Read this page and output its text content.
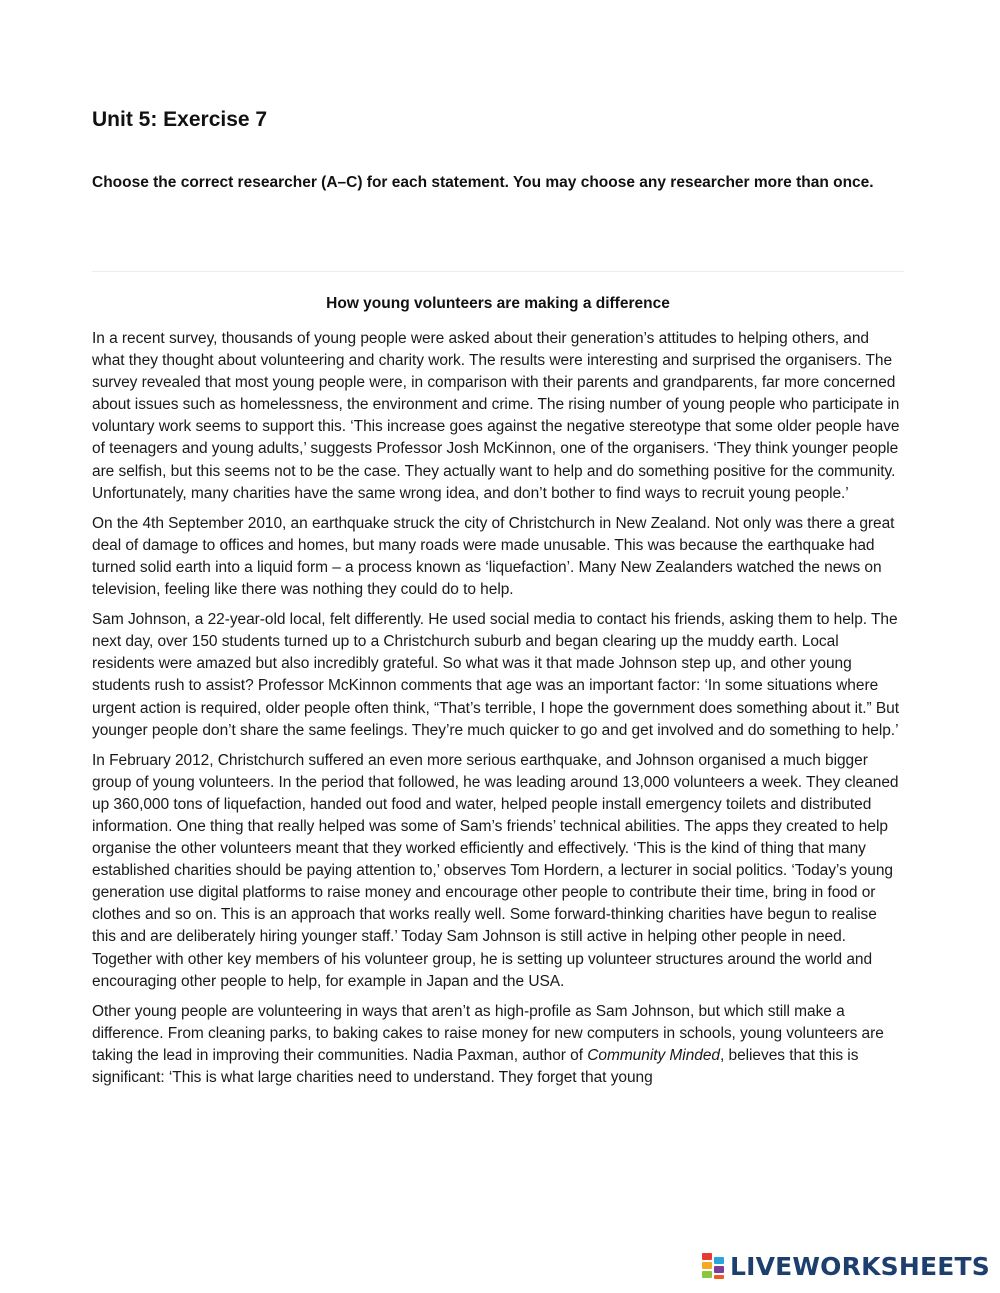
Unit 5: Exercise 7

Choose the correct researcher (A–C) for each statement. You may choose any researcher more than once.

How young volunteers are making a difference

In a recent survey, thousands of young people were asked about their generation’s attitudes to helping others, and what they thought about volunteering and charity work. The results were interesting and surprised the organisers. The survey revealed that most young people were, in comparison with their parents and grandparents, far more concerned about issues such as homelessness, the environment and crime. The rising number of young people who participate in voluntary work seems to support this. ‘This increase goes against the negative stereotype that some older people have of teenagers and young adults,’ suggests Professor Josh McKinnon, one of the organisers. ‘They think younger people are selfish, but this seems not to be the case. They actually want to help and do something positive for the community. Unfortunately, many charities have the same wrong idea, and don’t bother to find ways to recruit young people.’

On the 4th September 2010, an earthquake struck the city of Christchurch in New Zealand. Not only was there a great deal of damage to offices and homes, but many roads were made unusable. This was because the earthquake had turned solid earth into a liquid form – a process known as ‘liquefaction’. Many New Zealanders watched the news on television, feeling like there was nothing they could do to help.

Sam Johnson, a 22-year-old local, felt differently. He used social media to contact his friends, asking them to help. The next day, over 150 students turned up to a Christchurch suburb and began clearing up the muddy earth. Local residents were amazed but also incredibly grateful. So what was it that made Johnson step up, and other young students rush to assist? Professor McKinnon comments that age was an important factor: ‘In some situations where urgent action is required, older people often think, “That’s terrible, I hope the government does something about it.” But younger people don’t share the same feelings. They’re much quicker to go and get involved and do something to help.’

In February 2012, Christchurch suffered an even more serious earthquake, and Johnson organised a much bigger group of young volunteers. In the period that followed, he was leading around 13,000 volunteers a week. They cleaned up 360,000 tons of liquefaction, handed out food and water, helped people install emergency toilets and distributed information. One thing that really helped was some of Sam’s friends’ technical abilities. The apps they created to help organise the other volunteers meant that they worked efficiently and effectively. ‘This is the kind of thing that many established charities should be paying attention to,’ observes Tom Hordern, a lecturer in social politics. ‘Today’s young generation use digital platforms to raise money and encourage other people to contribute their time, bring in food or clothes and so on. This is an approach that works really well. Some forward-thinking charities have begun to realise this and are deliberately hiring younger staff.’ Today Sam Johnson is still active in helping other people in need. Together with other key members of his volunteer group, he is setting up volunteer structures around the world and encouraging other people to help, for example in Japan and the USA.

Other young people are volunteering in ways that aren’t as high-profile as Sam Johnson, but which still make a difference. From cleaning parks, to baking cakes to raise money for new computers in schools, young volunteers are taking the lead in improving their communities. Nadia Paxman, author of Community Minded, believes that this is significant: ‘This is what large charities need to understand. They forget that young

LIVEWORKSHEETS
